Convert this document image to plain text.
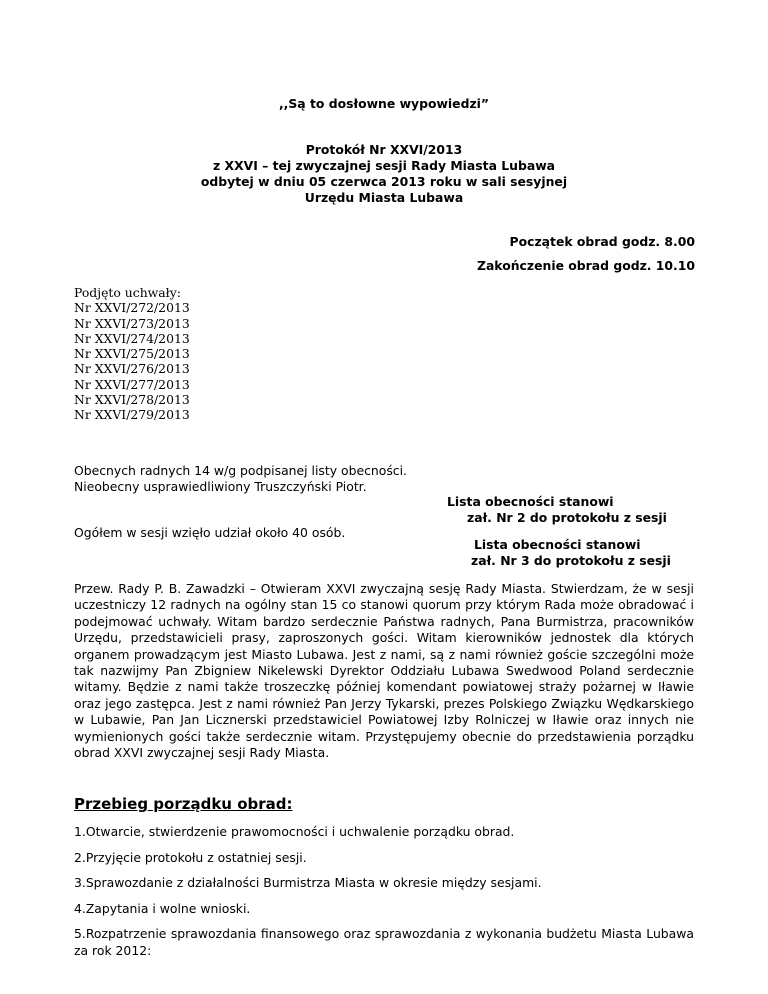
,,Są to dosłowne wypowiedzi”
Protokół Nr XXVI/2013
z XXVI – tej zwyczajnej sesji Rady Miasta Lubawa
odbytej w dniu 05 czerwca 2013 roku w sali sesyjnej
Urzędu Miasta Lubawa
Początek obrad godz. 8.00
Zakończenie obrad godz. 10.10
Podjęto uchwały:
Nr XXVI/272/2013
Nr XXVI/273/2013
Nr XXVI/274/2013
Nr XXVI/275/2013
Nr XXVI/276/2013
Nr XXVI/277/2013
Nr XXVI/278/2013
Nr XXVI/279/2013
Obecnych radnych 14 w/g podpisanej listy obecności.
Nieobecny usprawiedliwiony Truszczyński Piotr.
Lista obecności stanowi
zał. Nr 2 do protokołu z sesji
Ogółem w sesji wzięło udział około 40 osób.
Lista obecności stanowi
zał. Nr 3 do protokołu z sesji
Przew. Rady P. B. Zawadzki – Otwieram XXVI zwyczajną sesję Rady Miasta. Stwierdzam, że w sesji uczestniczy 12 radnych na ogólny stan 15 co stanowi quorum przy którym Rada może obradować i podejmować uchwały. Witam bardzo serdecznie Państwa radnych, Pana Burmistrza, pracowników Urzędu, przedstawicieli prasy, zaproszonych gości. Witam kierowników jednostek dla których organem prowadzącym jest Miasto Lubawa. Jest z nami, są z nami również goście szczególni może tak nazwijmy Pan Zbigniew Nikelewski Dyrektor Oddziału Lubawa Swedwood Poland serdecznie witamy. Będzie z nami także troszeczkę później komendant powiatowej straży pożarnej w Iławie oraz jego zastępca. Jest z nami również Pan Jerzy Tykarski, prezes Polskiego Związku Wędkarskiego w Lubawie, Pan Jan Licznerski przedstawiciel Powiatowej Izby Rolniczej w Iławie oraz innych nie wymienionych gości także serdecznie witam. Przystępujemy obecnie do przedstawienia porządku obrad XXVI zwyczajnej sesji Rady Miasta.
Przebieg porządku obrad:
1.Otwarcie, stwierdzenie prawomocności i uchwalenie porządku obrad.
2.Przyjęcie protokołu z ostatniej sesji.
3.Sprawozdanie z działalności Burmistrza Miasta w okresie między sesjami.
4.Zapytania i wolne wnioski.
5.Rozpatrzenie sprawozdania finansowego oraz sprawozdania z wykonania budżetu Miasta Lubawa za rok 2012:
